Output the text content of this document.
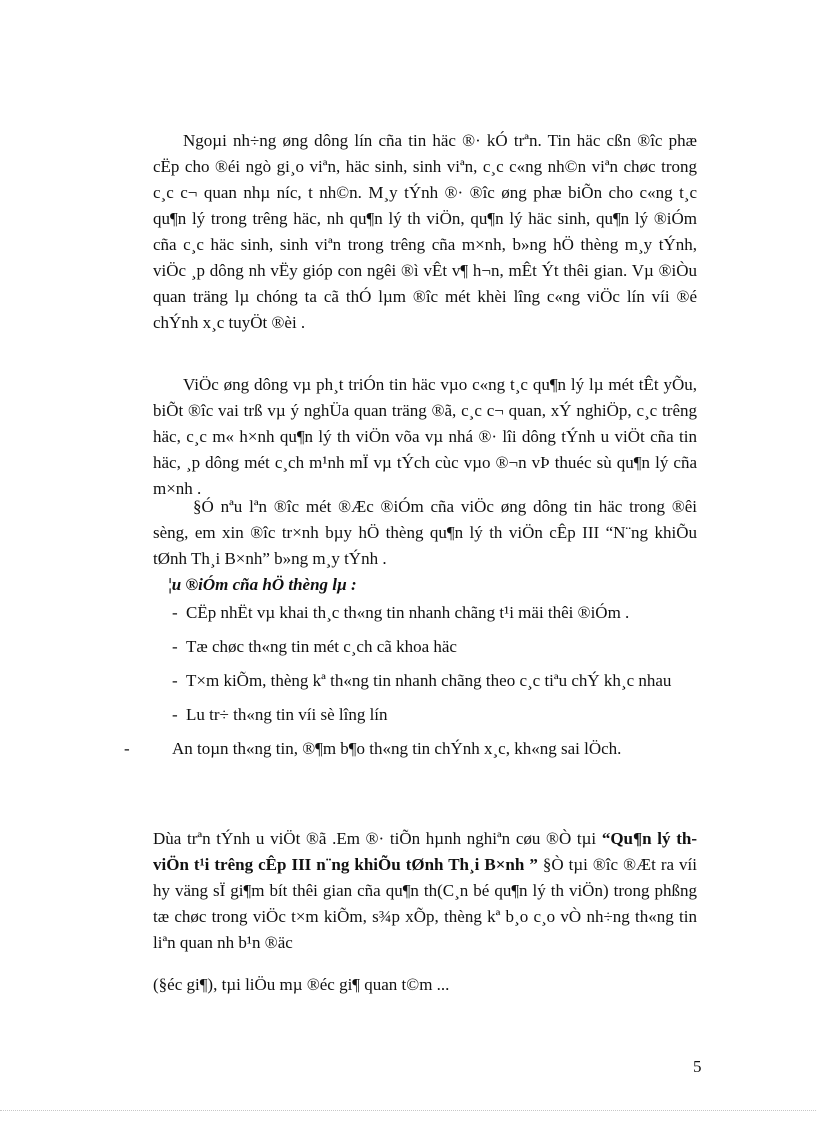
Ngoµi nh÷ng øng dông lín cña tin häc ®· kÓ trªn. Tin häc cßn ®îc phæ cËp cho ®éi ngò gi¸o viªn, häc sinh, sinh viªn, c¸c c«ng nh©n viªn chøc trong c¸c c¬ quan nhµ níc, t nh©n. M¸y tÝnh ®· ®îc øng phæ biÕn cho c«ng t¸c qu¶n lý trong trêng häc, nh qu¶n lý th viÖn, qu¶n lý häc sinh, qu¶n lý ®iÓm cña c¸c häc sinh, sinh viªn trong trêng cña m×nh, b»ng hÖ thèng m¸y tÝnh, viÖc ¸p dông nh vËy gióp con ngêi ®ì vÊt v¶ h¬n, mÊt Ýt thêi gian. Vµ ®iÒu quan träng lµ chóng ta cã thÓ lµm ®îc mét khèi lîng c«ng viÖc lín víi ®é chÝnh x¸c tuyÖt ®èi .

ViÖc øng dông vµ ph¸t triÓn tin häc vµo c«ng t¸c qu¶n lý lµ mét tÊt yÕu, biÕt ®îc vai trß vµ ý nghÜa quan träng ®ã, c¸c c¬ quan, xÝ nghiÖp, c¸c trêng häc, c¸c m« h×nh qu¶n lý th viÖn võa vµ nhá ®· lîi dông tÝnh u viÖt cña tin häc, ¸p dông mét c¸ch m¹nh mÏ vµ tÝch cùc vµo ®¬n vÞ thuéc sù qu¶n lý cña m×nh .

§Ó nªu lªn ®îc mét ®Æc ®iÓm cña viÖc øng dông tin häc trong ®êi sèng, em xin ®îc tr×nh bµy hÖ thèng qu¶n lý th viÖn cÊp III “N¨ng khiÕu tØnh Th¸i B×nh” b»ng m¸y tÝnh .

¦u ®iÓm cña hÖ thèng lµ :

- CËp nhËt vµ khai th¸c th«ng tin nhanh chãng t¹i mäi thêi ®iÓm .
- Tæ chøc th«ng tin mét c¸ch cã khoa häc
- T×m kiÕm, thèng kª th«ng tin nhanh chãng theo c¸c tiªu chÝ kh¸c nhau
- Lu tr÷ th«ng tin víi sè lîng lín
- An toµn th«ng tin, ®¶m b¶o th«ng tin chÝnh x¸c, kh«ng sai lÖch.

Dùa trªn tÝnh u viÖt ®ã .Em ®· tiÕn hµnh nghiªn cøu ®Ò tµi “Qu¶n lý th viÖn t¹i trêng cÊp III n¨ng khiÕu tØnh Th¸i B×nh ” §Ò tµi ®îc ®Æt ra víi hy väng sÏ gi¶m bít thêi gian cña qu¶n th(C¸n bé qu¶n lý th viÖn) trong phßng tæ chøc trong viÖc t×m kiÕm, s¾p xÕp, thèng kª b¸o c¸o vÒ nh÷ng th«ng tin liªn quan nh b¹n ®äc

(§éc gi¶), tµi liÖu mµ ®éc gi¶ quan t©m ...

5
